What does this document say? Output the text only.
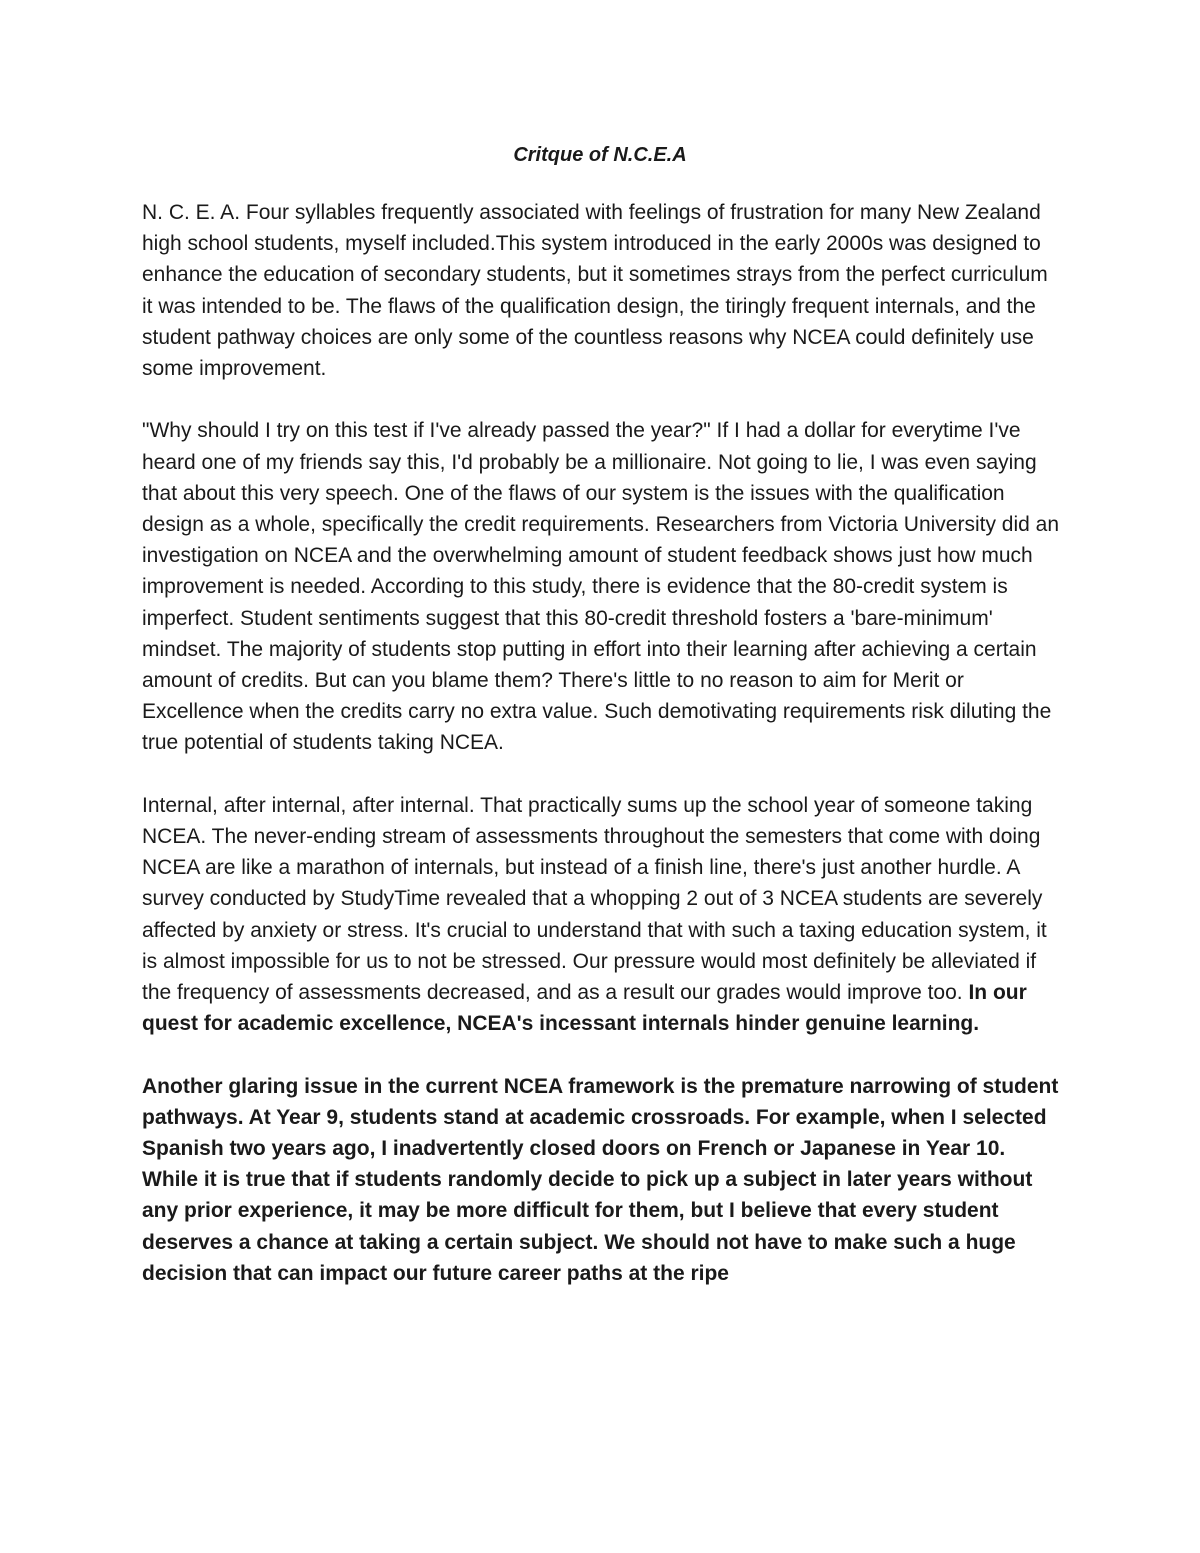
Critque of N.C.E.A

N. C. E. A. Four syllables frequently associated with feelings of frustration for many New Zealand high school students, myself included.This system introduced in the early 2000s was designed to enhance the education of secondary students, but it sometimes strays from the perfect curriculum it was intended to be. The flaws of the qualification design, the tiringly frequent internals, and the student pathway choices are only some of the countless reasons why NCEA could definitely use some improvement.

"Why should I try on this test if I've already passed the year?" If I had a dollar for everytime I've heard one of my friends say this, I'd probably be a millionaire. Not going to lie, I was even saying that about this very speech. One of the flaws of our system is the issues with the qualification design as a whole, specifically the credit requirements. Researchers from Victoria University did an investigation on NCEA and the overwhelming amount of student feedback shows just how much improvement is needed. According to this study, there is evidence that the 80-credit system is imperfect. Student sentiments suggest that this 80-credit threshold fosters a 'bare-minimum' mindset. The majority of students stop putting in effort into their learning after achieving a certain amount of credits. But can you blame them? There's little to no reason to aim for Merit or Excellence when the credits carry no extra value. Such demotivating requirements risk diluting the true potential of students taking NCEA.

Internal, after internal, after internal. That practically sums up the school year of someone taking NCEA. The never-ending stream of assessments throughout the semesters that come with doing NCEA are like a marathon of internals, but instead of a finish line, there's just another hurdle. A survey conducted by StudyTime revealed that a whopping 2 out of 3 NCEA students are severely affected by anxiety or stress. It's crucial to understand that with such a taxing education system, it is almost impossible for us to not be stressed. Our pressure would most definitely be alleviated if the frequency of assessments decreased, and as a result our grades would improve too. In our quest for academic excellence, NCEA's incessant internals hinder genuine learning.

Another glaring issue in the current NCEA framework is the premature narrowing of student pathways. At Year 9, students stand at academic crossroads. For example, when I selected Spanish two years ago, I inadvertently closed doors on French or Japanese in Year 10. While it is true that if students randomly decide to pick up a subject in later years without any prior experience, it may be more difficult for them, but I believe that every student deserves a chance at taking a certain subject. We should not have to make such a huge decision that can impact our future career paths at the ripe
